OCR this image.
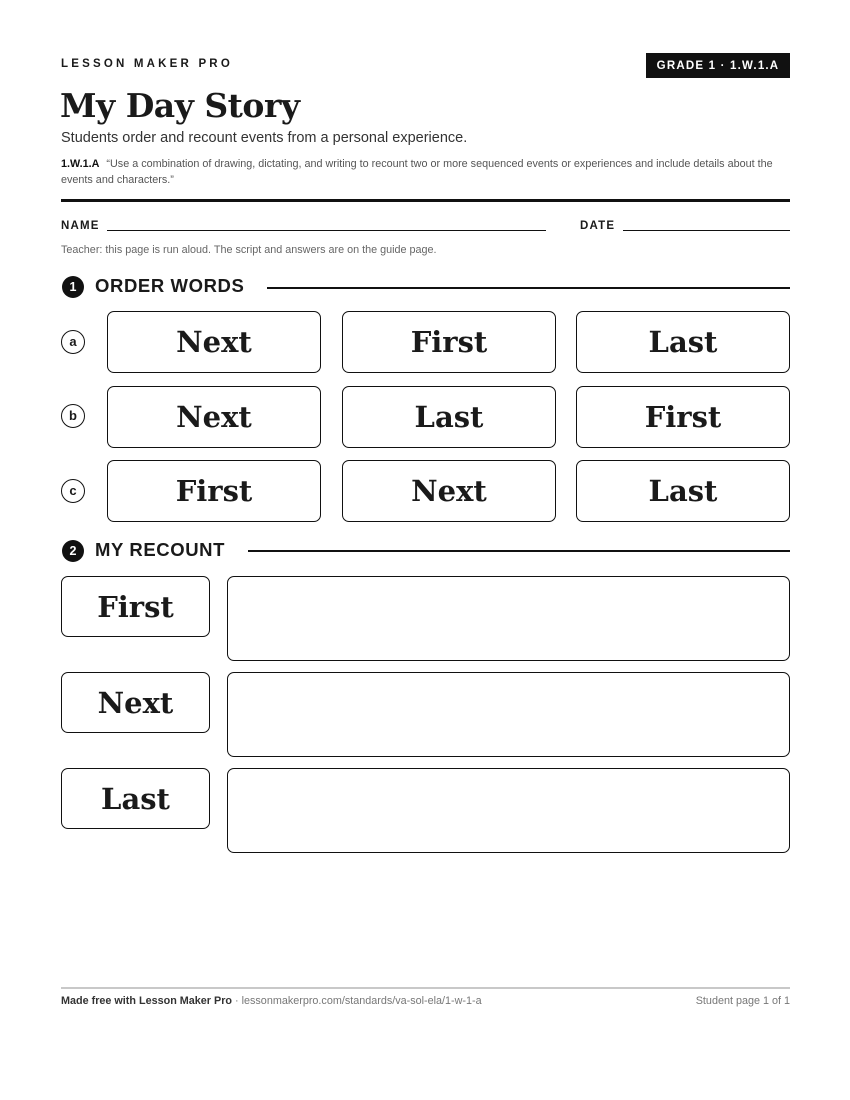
LESSON MAKER PRO	GRADE 1 · 1.W.1.A
My Day Story
Students order and recount events from a personal experience.
1.W.1.A “Use a combination of drawing, dictating, and writing to recount two or more sequenced events or experiences and include details about the events and characters.”
NAME	DATE
Teacher: this page is run aloud. The script and answers are on the guide page.
1	ORDER WORDS
a	Next	First	Last
b	Next	Last	First
c	First	Next	Last
2	MY RECOUNT
First
Next
Last
Made free with Lesson Maker Pro · lessonmakerpro.com/standards/va-sol-ela/1-w-1-a	Student page 1 of 1
